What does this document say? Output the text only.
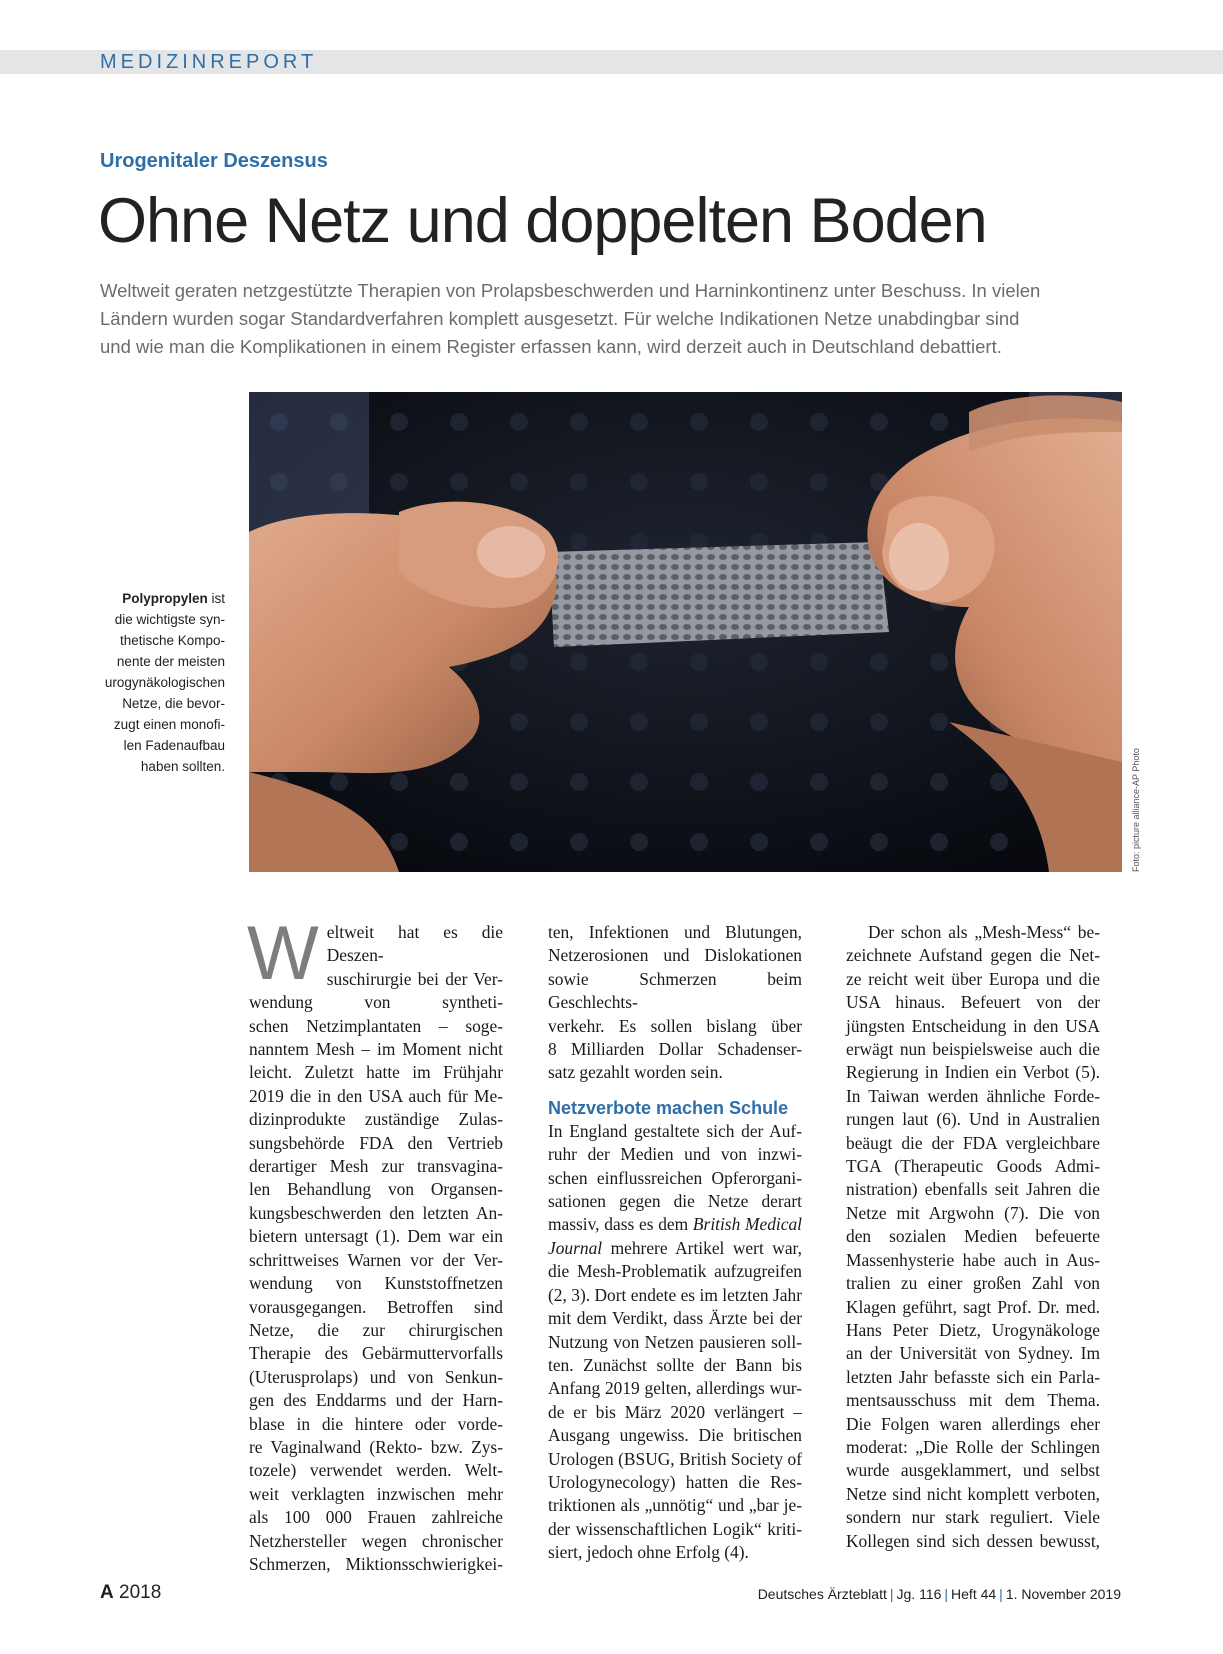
MEDIZINREPORT
Urogenitaler Deszensus
Ohne Netz und doppelten Boden
Weltweit geraten netzgestützte Therapien von Prolapsbeschwerden und Harninkontinenz unter Beschuss. In vielen
Ländern wurden sogar Standardverfahren komplett ausgesetzt. Für welche Indikationen Netze unabdingbar sind
und wie man die Komplikationen in einem Register erfassen kann, wird derzeit auch in Deutschland debattiert.
Foto: picture alliance-AP Photo
Polypropylen ist
die wichtigste syn-
thetische Kompo-
nente der meisten
urogynäkologischen
Netze, die bevor-
zugt einen monofi-
len Fadenaufbau
haben sollten.
W eltweit hat es die Deszen-
suschirurgie bei der Ver-
wendung von syntheti-
schen Netzimplantaten – soge-
nanntem Mesh – im Moment nicht
leicht. Zuletzt hatte im Frühjahr
2019 die in den USA auch für Me-
dizinprodukte zuständige Zulas-
sungsbehörde FDA den Vertrieb
derartiger Mesh zur transvagina-
len Behandlung von Organsen-
kungsbeschwerden den letzten An-
bietern untersagt (1). Dem war ein
schrittweises Warnen vor der Ver-
wendung von Kunststoffnetzen
vorausgegangen. Betroffen sind
Netze, die zur chirurgischen
Therapie des Gebärmuttervorfalls
(Uterusprolaps) und von Senkun-
gen des Enddarms und der Harn-
blase in die hintere oder vorde-
re Vaginalwand (Rekto- bzw. Zys-
tozele) verwendet werden. Welt-
weit verklagten inzwischen mehr
als 100 000 Frauen zahlreiche
Netzhersteller wegen chronischer
Schmerzen, Miktionsschwierigkei-
ten, Infektionen und Blutungen,
Netzerosionen und Dislokationen
sowie Schmerzen beim Geschlechts-
verkehr. Es sollen bislang über
8 Milliarden Dollar Schadenser-
satz gezahlt worden sein.
Netzverbote machen Schule
In England gestaltete sich der Auf-
ruhr der Medien und von inzwi-
schen einflussreichen Opferorgani-
sationen gegen die Netze derart
massiv, dass es dem British Medical
Journal mehrere Artikel wert war,
die Mesh-Problematik aufzugreifen
(2, 3). Dort endete es im letzten Jahr
mit dem Verdikt, dass Ärzte bei der
Nutzung von Netzen pausieren soll-
ten. Zunächst sollte der Bann bis
Anfang 2019 gelten, allerdings wur-
de er bis März 2020 verlängert –
Ausgang ungewiss. Die britischen
Urologen (BSUG, British Society of
Urologynecology) hatten die Res-
triktionen als „unnötig“ und „bar je-
der wissenschaftlichen Logik“ kriti-
siert, jedoch ohne Erfolg (4).
Der schon als „Mesh-Mess“ be-
zeichnete Aufstand gegen die Net-
ze reicht weit über Europa und die
USA hinaus. Befeuert von der
jüngsten Entscheidung in den USA
erwägt nun beispielsweise auch die
Regierung in Indien ein Verbot (5).
In Taiwan werden ähnliche Forde-
rungen laut (6). Und in Australien
beäugt die der FDA vergleichbare
TGA (Therapeutic Goods Admi-
nistration) ebenfalls seit Jahren die
Netze mit Argwohn (7). Die von
den sozialen Medien befeuerte
Massenhysterie habe auch in Aus-
tralien zu einer großen Zahl von
Klagen geführt, sagt Prof. Dr. med.
Hans Peter Dietz, Urogynäkologe
an der Universität von Sydney. Im
letzten Jahr befasste sich ein Parla-
mentsausschuss mit dem Thema.
Die Folgen waren allerdings eher
moderat: „Die Rolle der Schlingen
wurde ausgeklammert, und selbst
Netze sind nicht komplett verboten,
sondern nur stark reguliert. Viele
Kollegen sind sich dessen bewusst,
A 2018	Deutsches Ärzteblatt | Jg. 116 | Heft 44 | 1. November 2019
